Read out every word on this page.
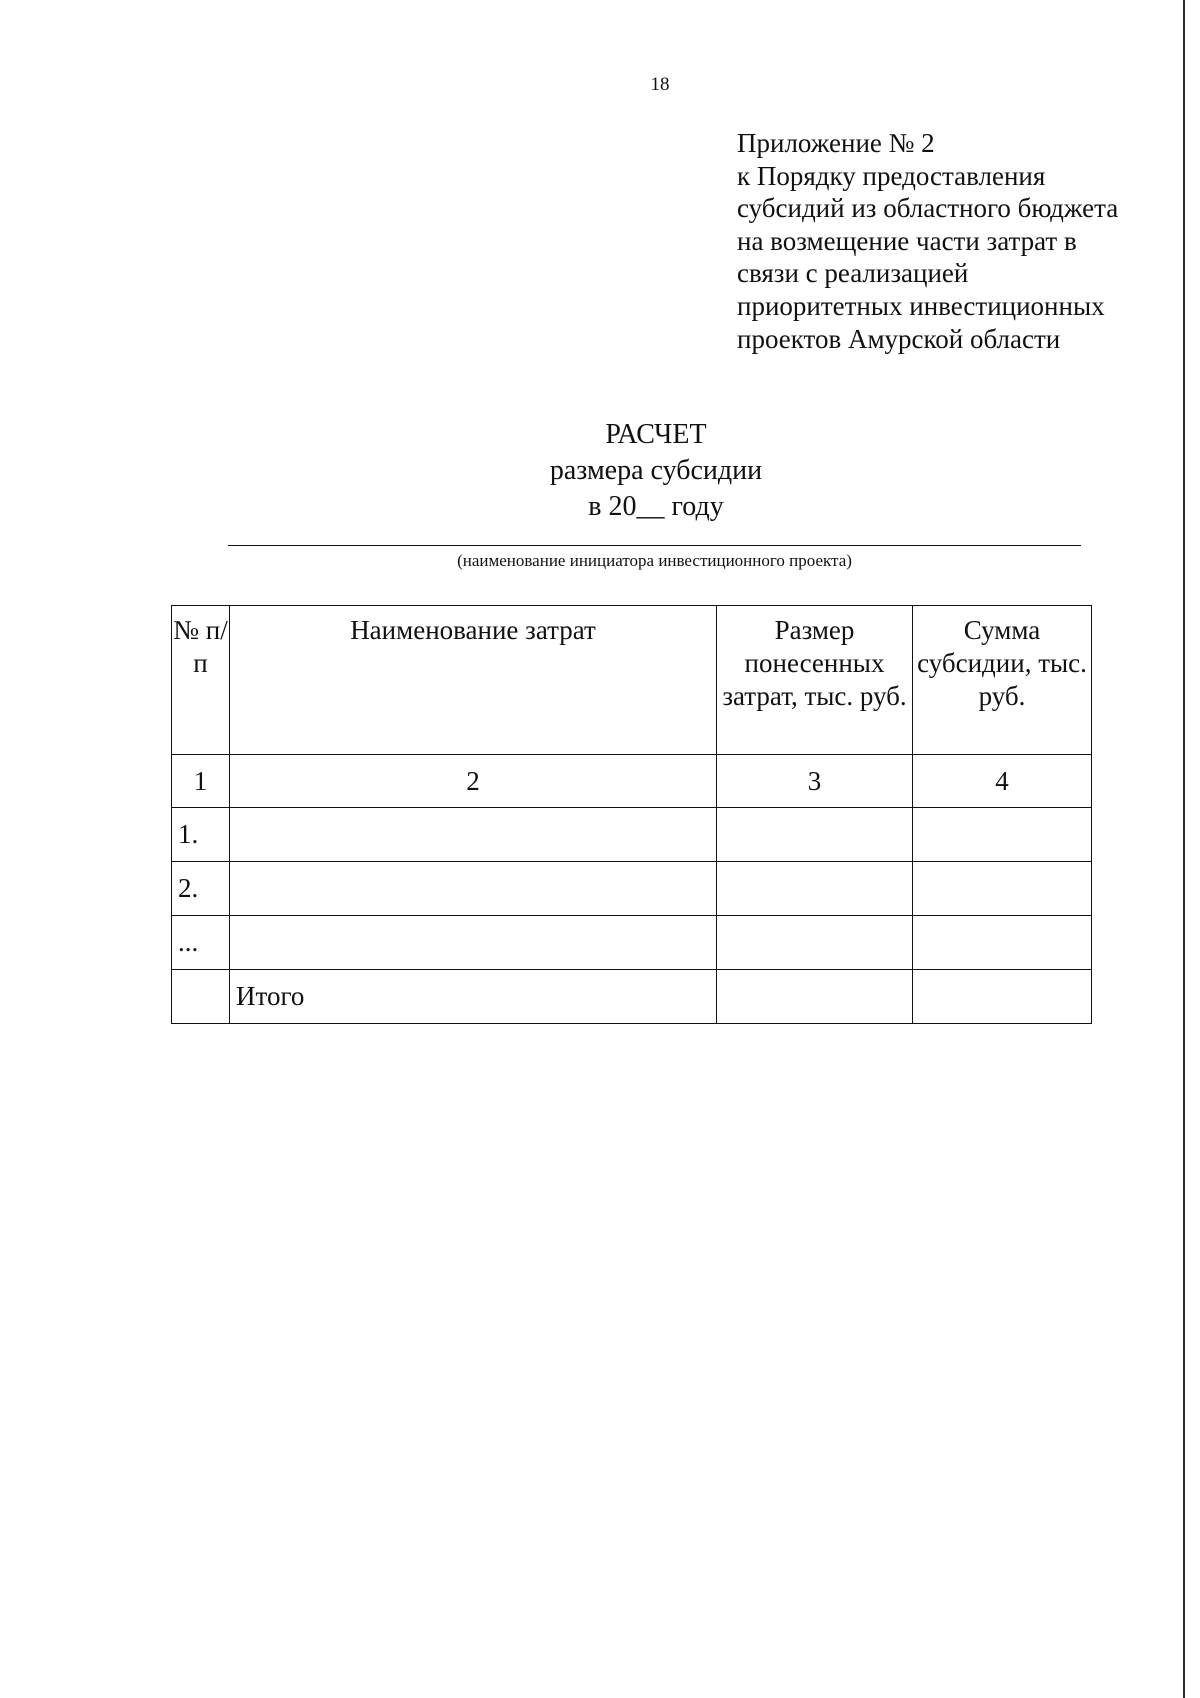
18
Приложение № 2
к Порядку предоставления
субсидий из областного бюджета
на возмещение части затрат в
связи с реализацией
приоритетных инвестиционных
проектов Амурской области
РАСЧЕТ
размера субсидии
в 20__ году
(наименование инициатора инвестиционного проекта)
№ п/п	Наименование затрат	Размер понесенных затрат, тыс. руб.	Сумма субсидии, тыс. руб.
1	2	3	4
1.			
2.			
...			
	Итого		
